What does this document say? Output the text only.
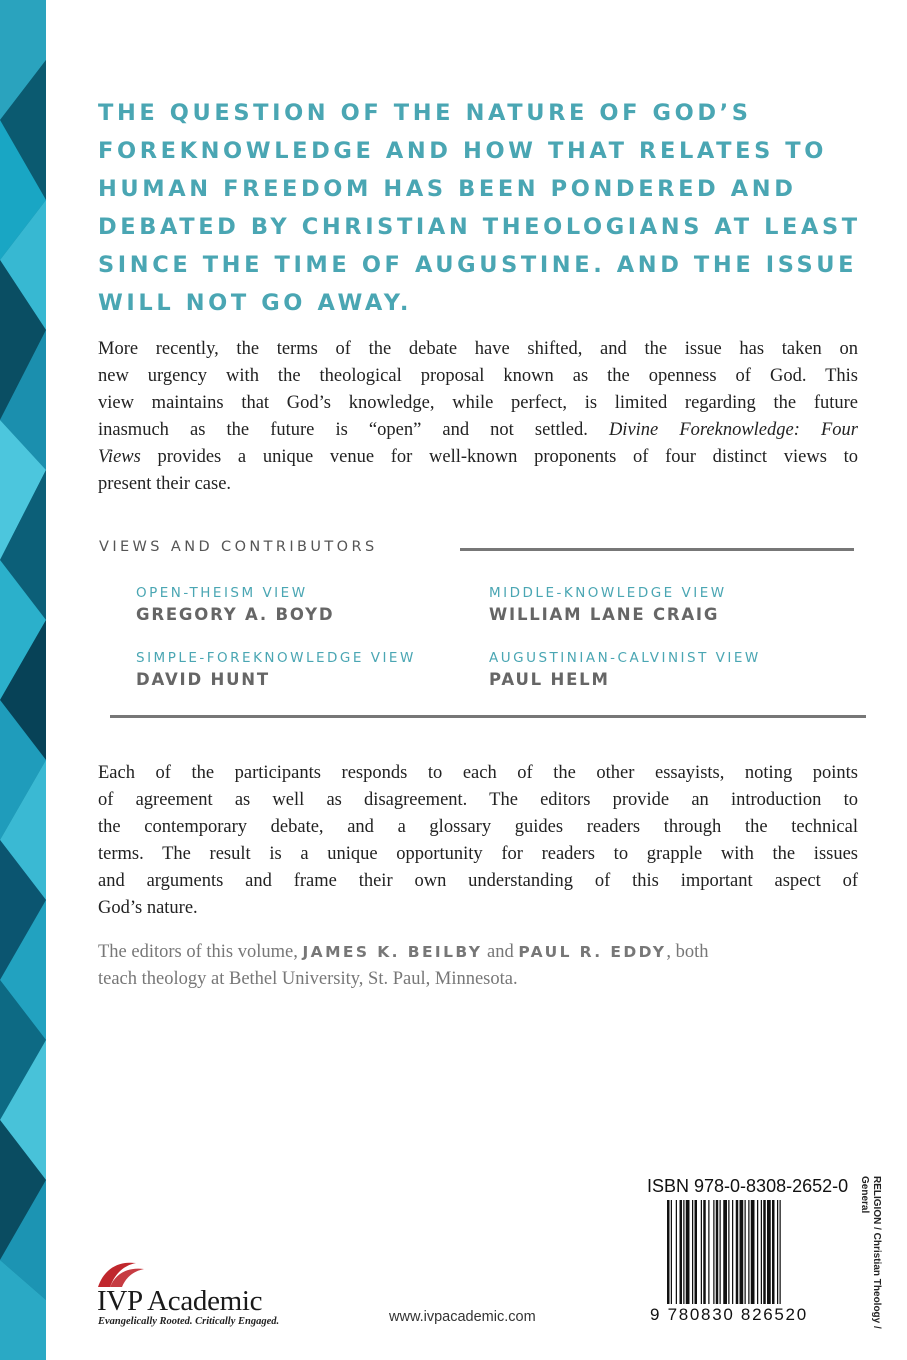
THE QUESTION OF THE NATURE OF GOD’S
FOREKNOWLEDGE AND HOW THAT RELATES TO
HUMAN FREEDOM HAS BEEN PONDERED AND
DEBATED BY CHRISTIAN THEOLOGIANS AT LEAST
SINCE THE TIME OF AUGUSTINE. AND THE ISSUE
WILL NOT GO AWAY.
More recently, the terms of the debate have shifted, and the issue has taken on
new urgency with the theological proposal known as the openness of God. This
view maintains that God’s knowledge, while perfect, is limited regarding the future
inasmuch as the future is “open” and not settled. Divine Foreknowledge: Four
Views provides a unique venue for well-known proponents of four distinct views to
present their case.
VIEWS AND CONTRIBUTORS
OPEN-THEISM VIEW
GREGORY A. BOYD
MIDDLE-KNOWLEDGE VIEW
WILLIAM LANE CRAIG
SIMPLE-FOREKNOWLEDGE VIEW
DAVID HUNT
AUGUSTINIAN-CALVINIST VIEW
PAUL HELM
Each of the participants responds to each of the other essayists, noting points
of agreement as well as disagreement. The editors provide an introduction to
the contemporary debate, and a glossary guides readers through the technical
terms. The result is a unique opportunity for readers to grapple with the issues
and arguments and frame their own understanding of this important aspect of
God’s nature.
The editors of this volume, JAMES K. BEILBY and PAUL R. EDDY, both
teach theology at Bethel University, St. Paul, Minnesota.
ISBN 978-0-8308-2652-0
9 780830 826520	RELIGION / Christian Theology /
General
IVP Academic
Evangelically Rooted. Critically Engaged.	www.ivpacademic.com
